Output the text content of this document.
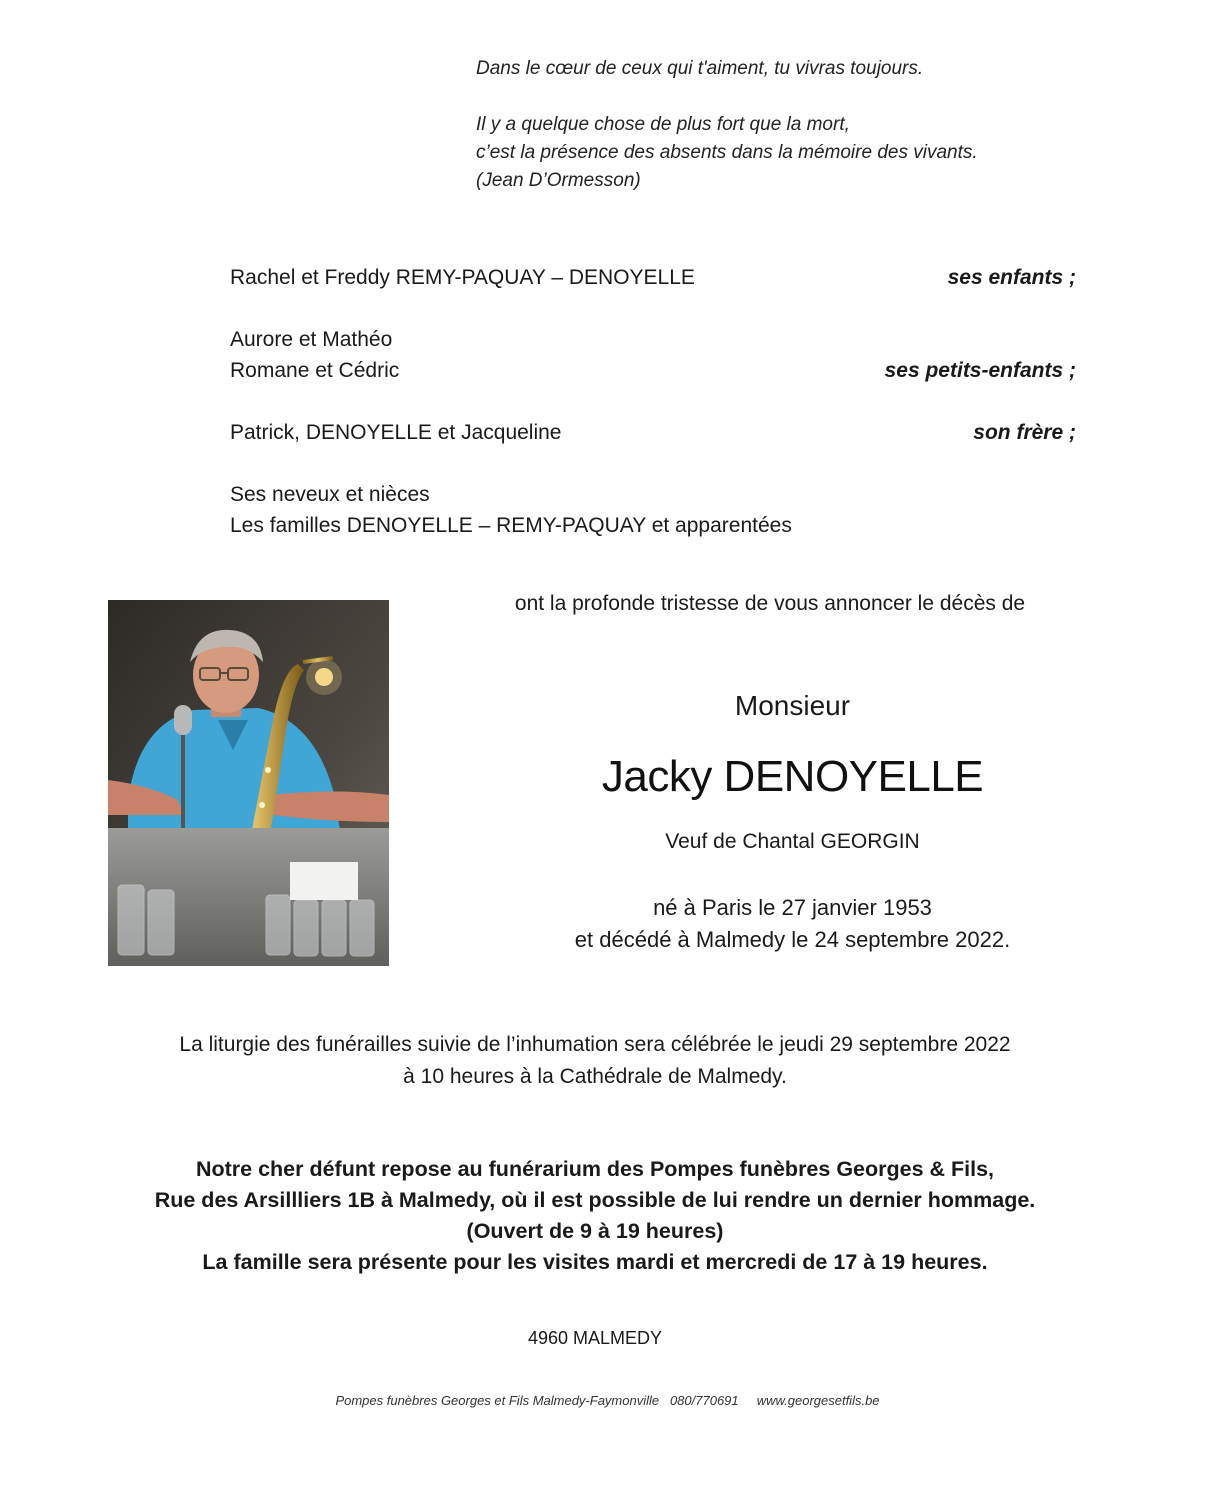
Dans le cœur de ceux qui t'aiment, tu vivras toujours.
Il y a quelque chose de plus fort que la mort,
c’est la présence des absents dans la mémoire des vivants.
(Jean D’Ormesson)
Rachel et Freddy REMY-PAQUAY – DENOYELLE	ses enfants ;
Aurore et Mathéo
Romane et Cédric	ses petits-enfants ;
Patrick, DENOYELLE et Jacqueline	son frère ;
Ses neveux et nièces
Les familles DENOYELLE – REMY-PAQUAY et apparentées
ont la profonde tristesse de vous annoncer le décès de
Monsieur
Jacky DENOYELLE
Veuf de Chantal GEORGIN
né à Paris le 27 janvier 1953
et décédé à Malmedy le 24 septembre 2022.
La liturgie des funérailles suivie de l’inhumation sera célébrée le jeudi 29 septembre 2022
à 10 heures à la Cathédrale de Malmedy.
Notre cher défunt repose au funérarium des Pompes funèbres Georges & Fils,
Rue des Arsillliers 1B à Malmedy, où il est possible de lui rendre un dernier hommage.
(Ouvert de 9 à 19 heures)
La famille sera présente pour les visites mardi et mercredi de 17 à 19 heures.
4960 MALMEDY
Pompes funèbres Georges et Fils Malmedy-Faymonville   080/770691     www.georgesetfils.be
